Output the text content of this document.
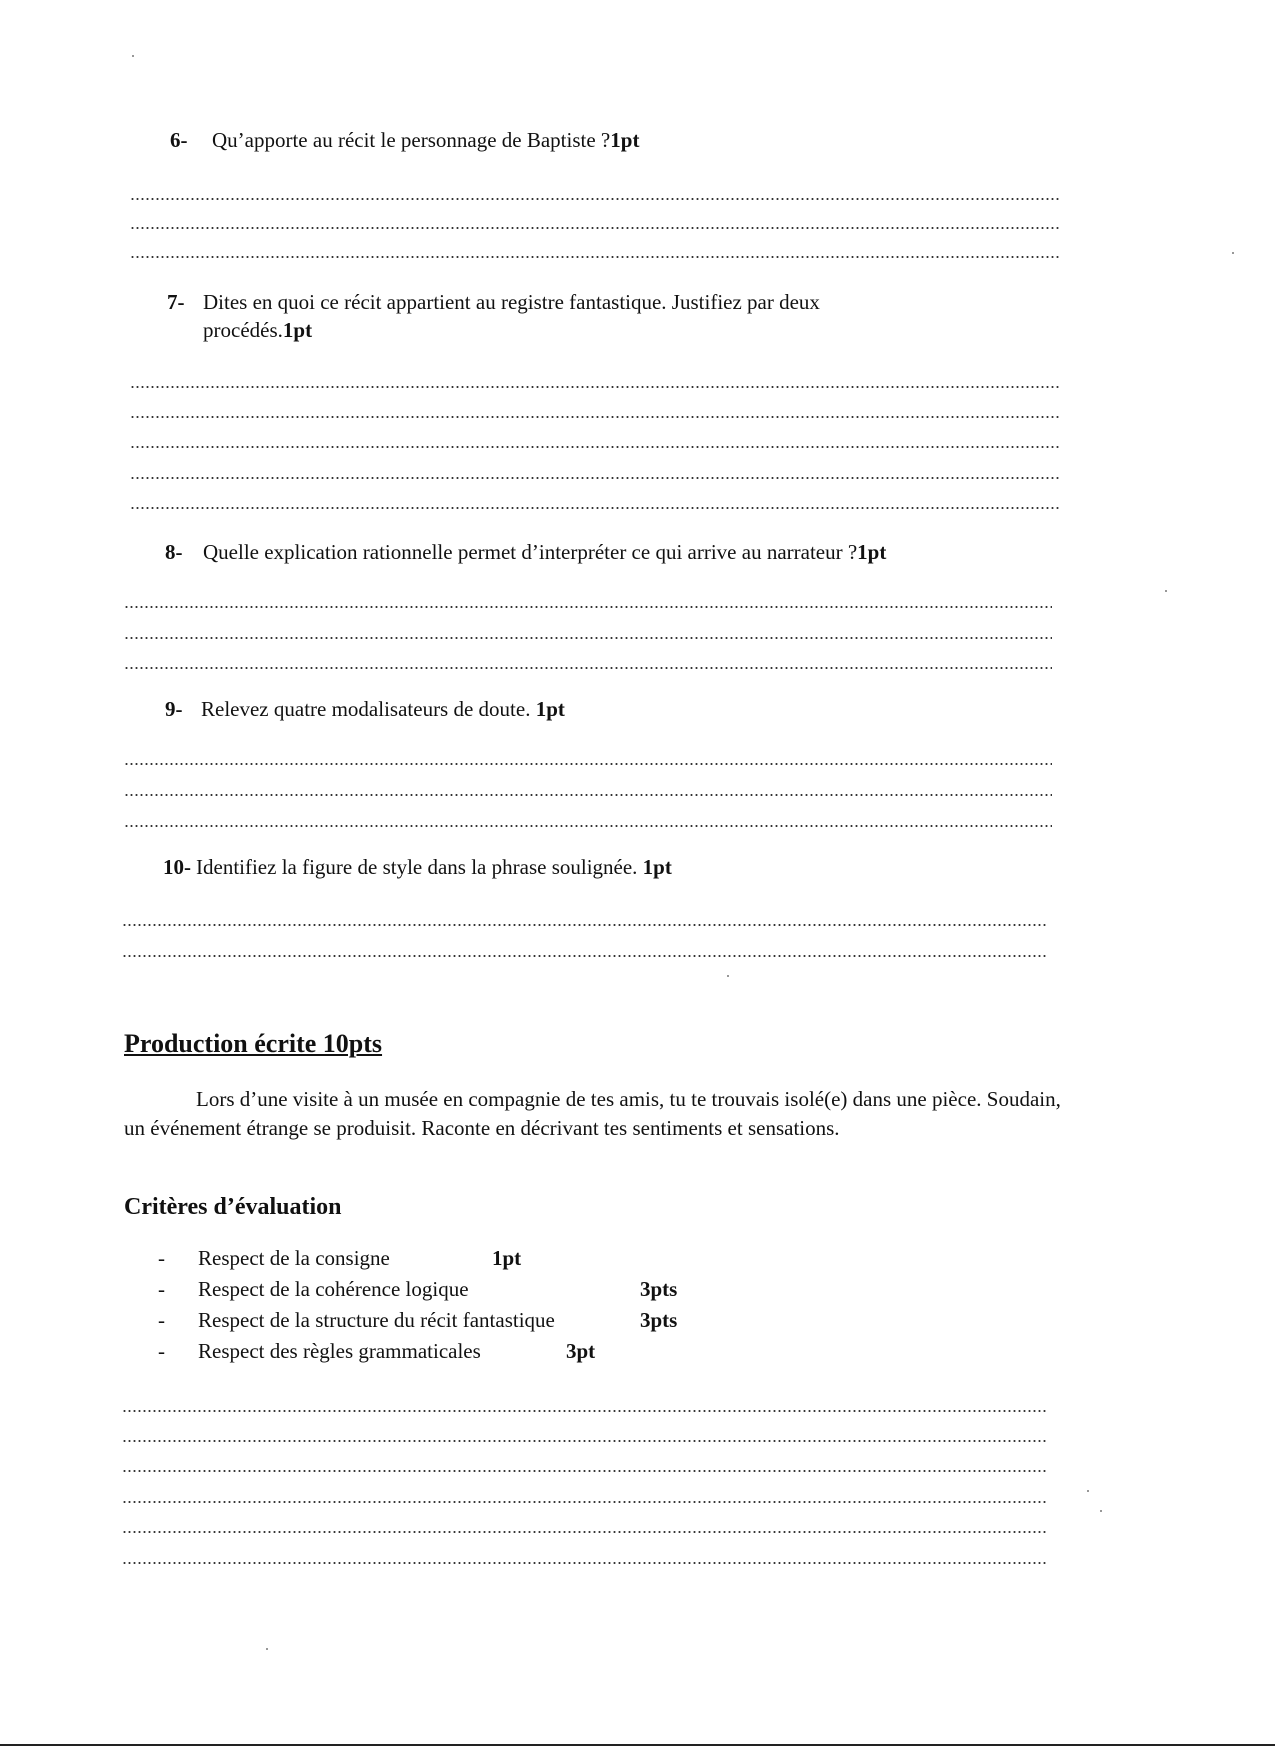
6- Qu’apporte au récit le personnage de Baptiste ?1pt
7- Dites en quoi ce récit appartient au registre fantastique. Justifiez par deux
procédés.1pt
8- Quelle explication rationnelle permet d’interpréter ce qui arrive au narrateur ?1pt
9- Relevez quatre modalisateurs de doute. 1pt
10- Identifiez la figure de style dans la phrase soulignée. 1pt
Production écrite 10pts
Lors d’une visite à un musée en compagnie de tes amis, tu te trouvais isolé(e) dans une pièce. Soudain, un événement étrange se produisit. Raconte en décrivant tes sentiments et sensations.
Critères d’évaluation
- Respect de la consigne	1pt
- Respect de la cohérence logique	3pts
- Respect de la structure du récit fantastique	3pts
- Respect des règles grammaticales	3pt
